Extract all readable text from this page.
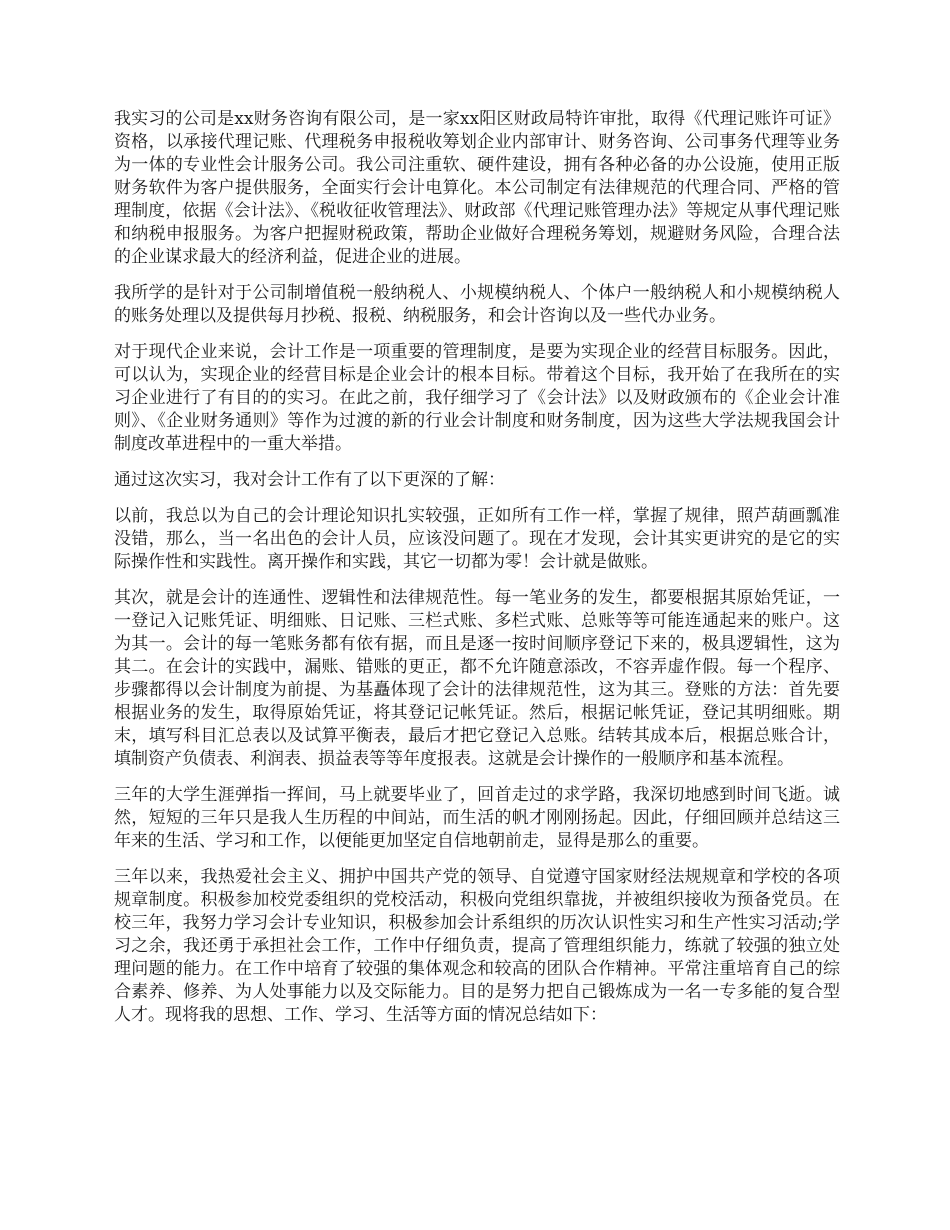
我实习的公司是xx财务咨询有限公司，是一家xx阳区财政局特许审批，取得《代理记账许可证》资格，以承接代理记账、代理税务申报税收筹划企业内部审计、财务咨询、公司事务代理等业务为一体的专业性会计服务公司。我公司注重软、硬件建设，拥有各种必备的办公设施，使用正版财务软件为客户提供服务，全面实行会计电算化。本公司制定有法律规范的代理合同、严格的管理制度，依据《会计法》、《税收征收管理法》、财政部《代理记账管理办法》等规定从事代理记账和纳税申报服务。为客户把握财税政策，帮助企业做好合理税务筹划，规避财务风险，合理合法的企业谋求最大的经济利益，促进企业的进展。

我所学的是针对于公司制增值税一般纳税人、小规模纳税人、个体户一般纳税人和小规模纳税人的账务处理以及提供每月抄税、报税、纳税服务，和会计咨询以及一些代办业务。

对于现代企业来说，会计工作是一项重要的管理制度，是要为实现企业的经营目标服务。因此，可以认为，实现企业的经营目标是企业会计的根本目标。带着这个目标，我开始了在我所在的实习企业进行了有目的的实习。在此之前，我仔细学习了《会计法》以及财政颁布的《企业会计准则》、《企业财务通则》等作为过渡的新的行业会计制度和财务制度，因为这些大学法规我国会计制度改革进程中的一重大举措。

通过这次实习，我对会计工作有了以下更深的了解：

以前，我总以为自己的会计理论知识扎实较强，正如所有工作一样，掌握了规律，照芦葫画瓢准没错，那么，当一名出色的会计人员，应该没问题了。现在才发现，会计其实更讲究的是它的实际操作性和实践性。离开操作和实践，其它一切都为零！会计就是做账。

其次，就是会计的连通性、逻辑性和法律规范性。每一笔业务的发生，都要根据其原始凭证，一一登记入记账凭证、明细账、日记账、三栏式账、多栏式账、总账等等可能连通起来的账户。这为其一。会计的每一笔账务都有依有据，而且是逐一按时间顺序登记下来的，极具逻辑性，这为其二。在会计的实践中，漏账、错账的更正，都不允许随意添改，不容弄虚作假。每一个程序、步骤都得以会计制度为前提、为基矗体现了会计的法律规范性，这为其三。登账的方法：首先要根据业务的发生，取得原始凭证，将其登记记帐凭证。然后，根据记帐凭证，登记其明细账。期末，填写科目汇总表以及试算平衡表，最后才把它登记入总账。结转其成本后，根据总账合计，填制资产负债表、利润表、损益表等等年度报表。这就是会计操作的一般顺序和基本流程。

三年的大学生涯弹指一挥间，马上就要毕业了，回首走过的求学路，我深切地感到时间飞逝。诚然，短短的三年只是我人生历程的中间站，而生活的帆才刚刚扬起。因此，仔细回顾并总结这三年来的生活、学习和工作，以便能更加坚定自信地朝前走，显得是那么的重要。

三年以来，我热爱社会主义、拥护中国共产党的领导、自觉遵守国家财经法规规章和学校的各项规章制度。积极参加校党委组织的党校活动，积极向党组织靠拢，并被组织接收为预备党员。在校三年，我努力学习会计专业知识，积极参加会计系组织的历次认识性实习和生产性实习活动;学习之余，我还勇于承担社会工作，工作中仔细负责，提高了管理组织能力，练就了较强的独立处理问题的能力。在工作中培育了较强的集体观念和较高的团队合作精神。平常注重培育自己的综合素养、修养、为人处事能力以及交际能力。目的是努力把自己锻炼成为一名一专多能的复合型人才。现将我的思想、工作、学习、生活等方面的情况总结如下：
